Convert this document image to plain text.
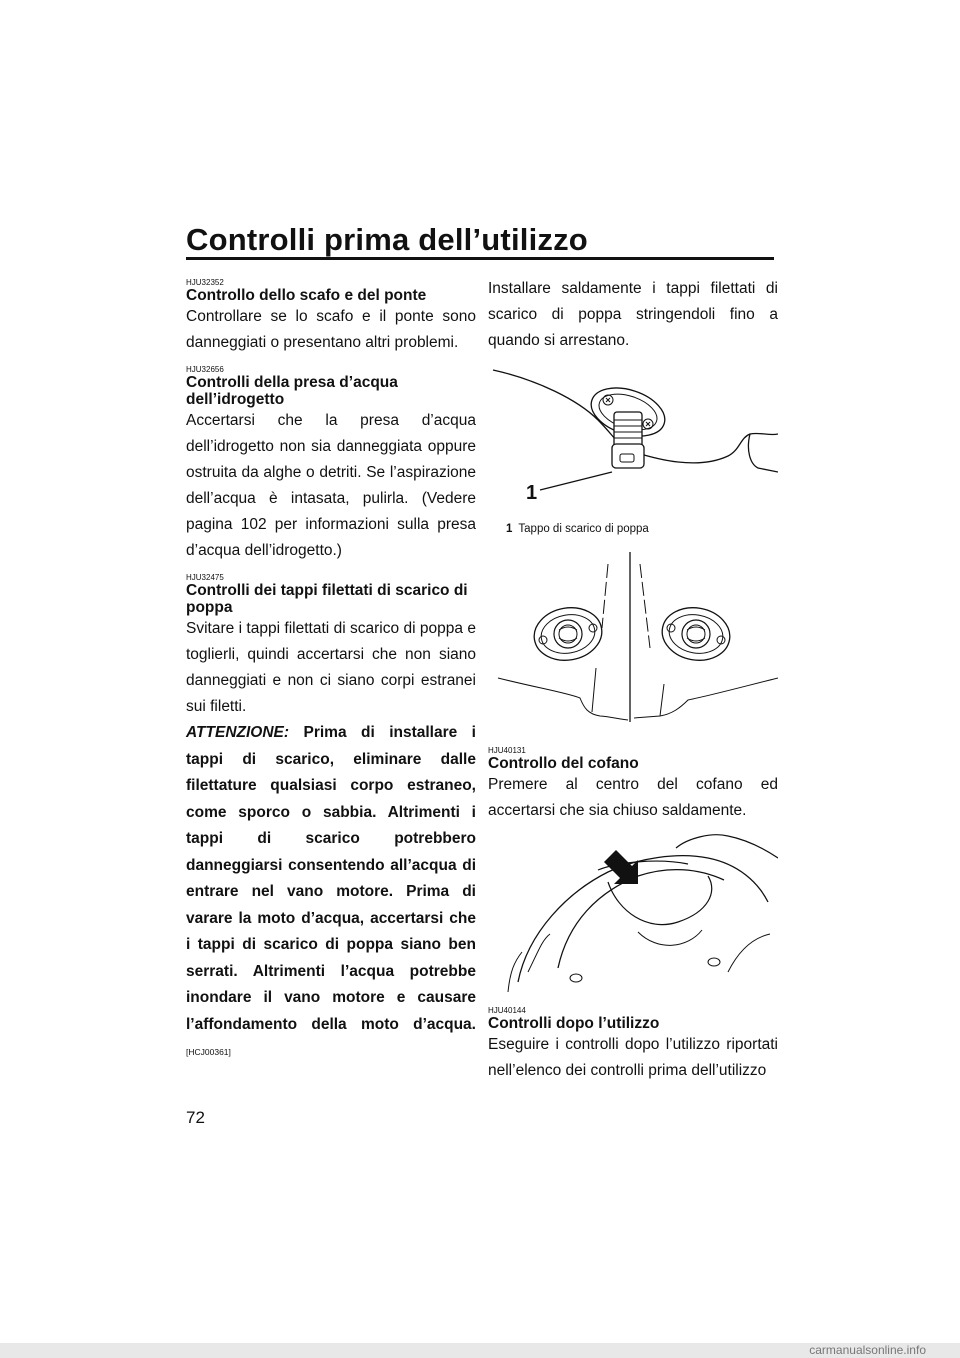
Controlli prima dell’utilizzo
HJU32352
Controllo dello scafo e del ponte

Controllare se lo scafo e il ponte sono danneggiati o presentano altri problemi.

HJU32656
Controlli della presa d’acqua dell’idrogetto

Accertarsi che la presa d’acqua dell’idrogetto non sia danneggiata oppure ostruita da alghe o detriti. Se l’aspirazione dell’acqua è intasata, pulirla. (Vedere pagina 102 per informazioni sulla presa d’acqua dell’idrogetto.)

HJU32475
Controlli dei tappi filettati di scarico di poppa

Svitare i tappi filettati di scarico di poppa e toglierli, quindi accertarsi che non siano danneggiati e non ci siano corpi estranei sui filetti.

ATTENZIONE: Prima di installare i tappi di scarico, eliminare dalle filettature qualsiasi corpo estraneo, come sporco o sabbia. Altrimenti i tappi di scarico potrebbero danneggiarsi consentendo all’acqua di entrare nel vano motore. Prima di varare la moto d’acqua, accertarsi che i tappi di scarico di poppa siano ben serrati. Altrimenti l’acqua potrebbe inondare il vano motore e causare l’affondamento della moto d’acqua. [HCJ00361]

Installare saldamente i tappi filettati di scarico di poppa stringendoli fino a quando si arrestano.

1
1 Tappo di scarico di poppa
HJU40131
Controllo del cofano

Premere al centro del cofano ed accertarsi che sia chiuso saldamente.

HJU40144
Controlli dopo l’utilizzo

Eseguire i controlli dopo l’utilizzo riportati nell’elenco dei controlli prima dell’utilizzo

72
carmanualsonline.info
